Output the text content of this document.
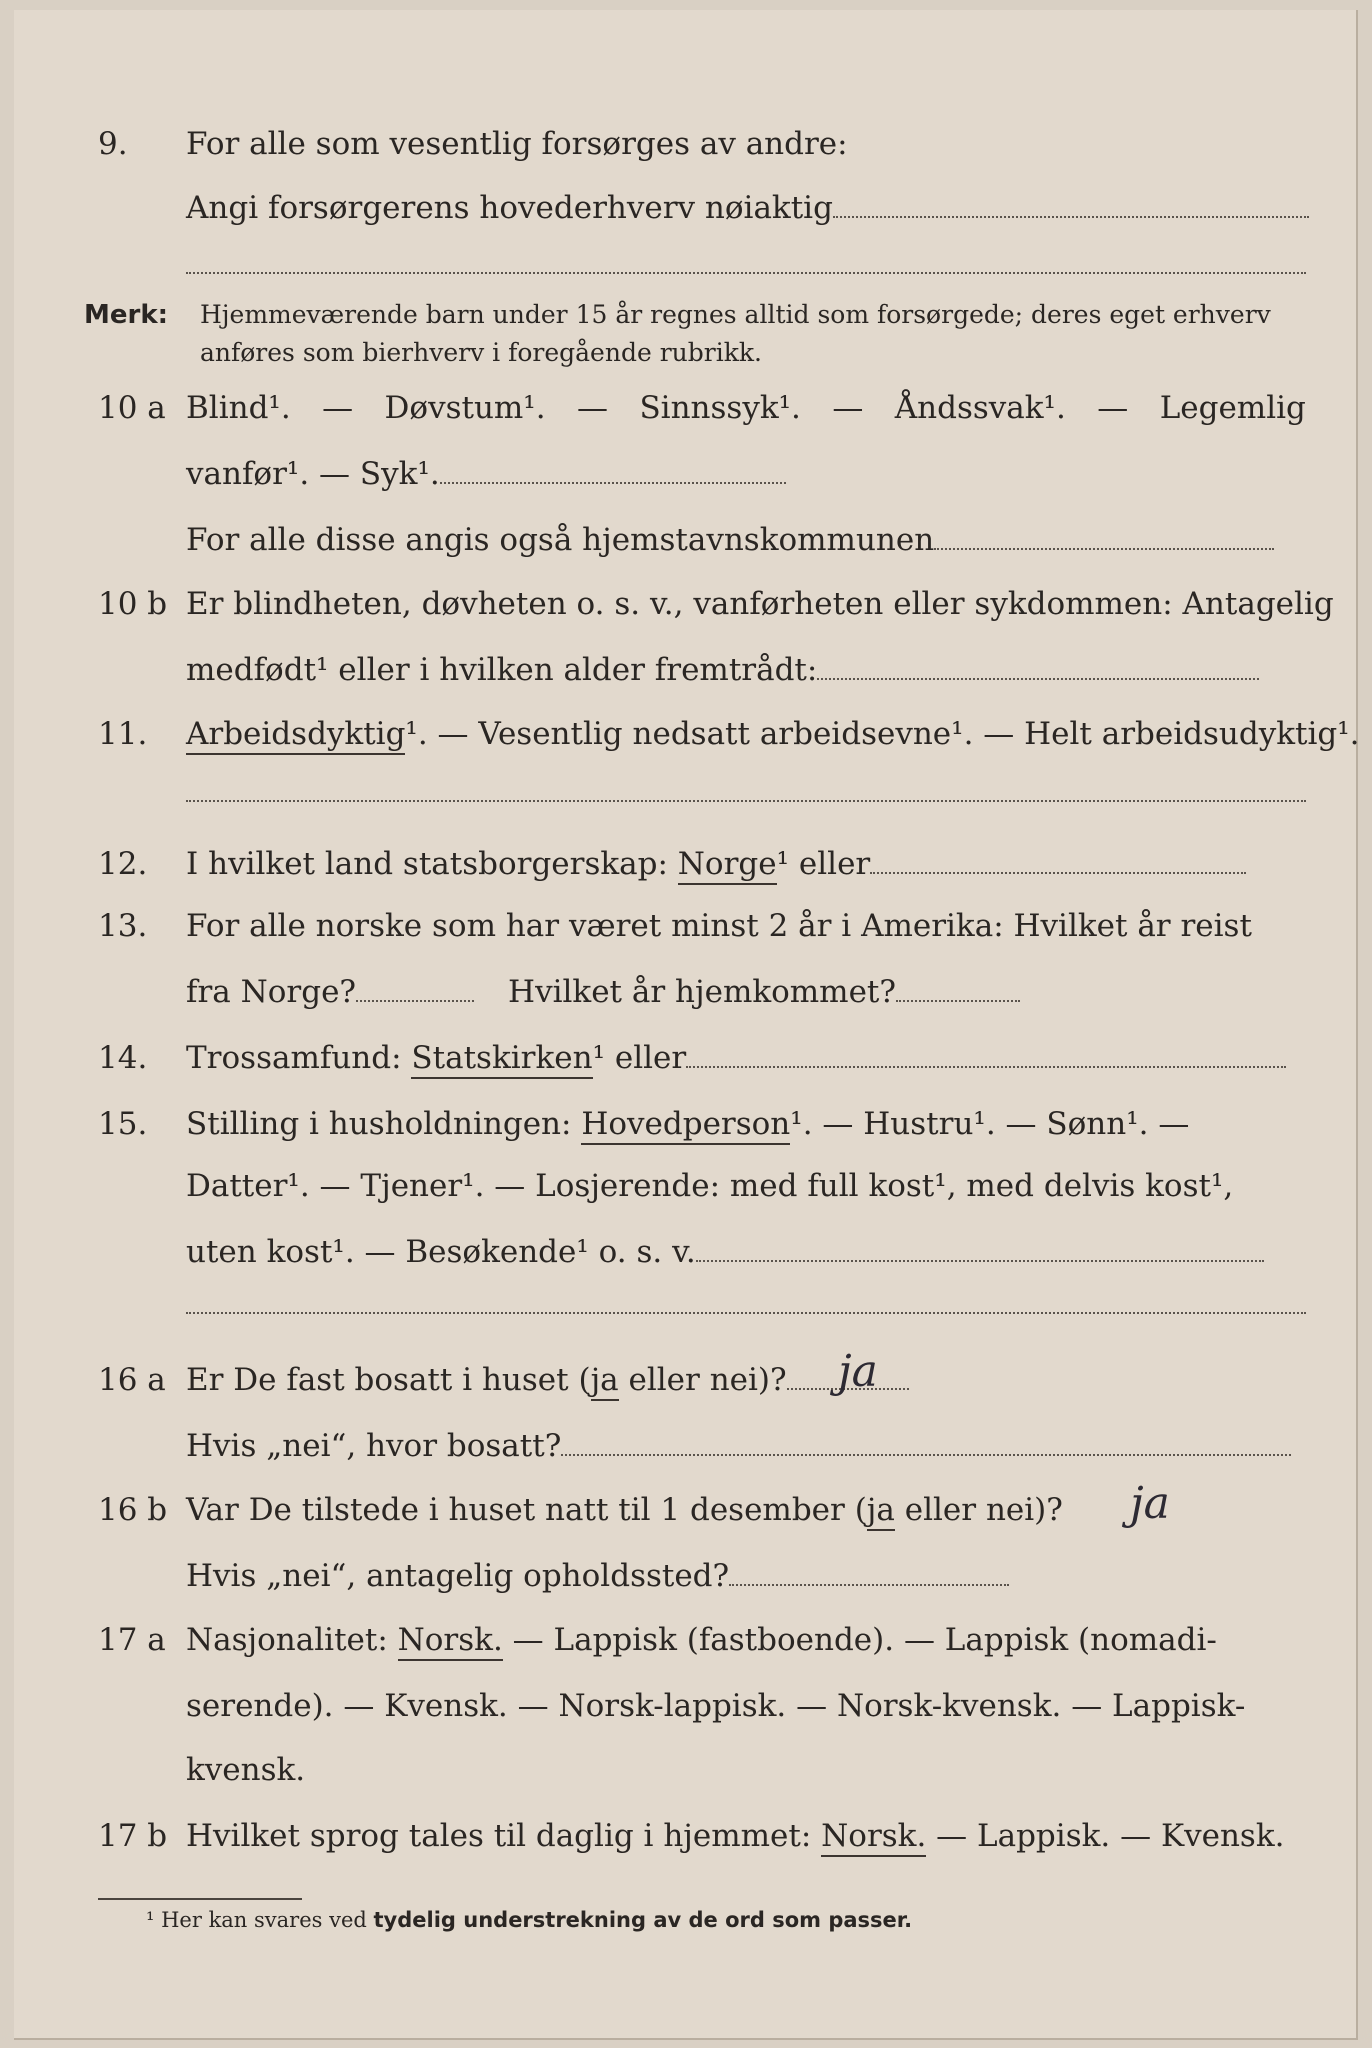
9. For alle som vesentlig forsørges av andre:
Angi forsørgerens hovederhverv nøiaktig
Merk: Hjemmeværende barn under 15 år regnes alltid som forsørgede; deres eget erhverv
anføres som bierhverv i foregående rubrikk.
10 a Blind¹. — Døvstum¹. — Sinnssyk¹. — Åndssvak¹. — Legemlig
vanfør¹. — Syk¹.
For alle disse angis også hjemstavnskommunen
10 b Er blindheten, døvheten o. s. v., vanførheten eller sykdommen: Antagelig
medfødt¹ eller i hvilken alder fremtrådt:
11. Arbeidsdyktig¹. — Vesentlig nedsatt arbeidsevne¹. — Helt arbeidsudyktig¹.
12. I hvilket land statsborgerskap: Norge¹ eller
13. For alle norske som har været minst 2 år i Amerika: Hvilket år reist
fra Norge?	Hvilket år hjemkommet?
14. Trossamfund: Statskirken¹ eller
15. Stilling i husholdningen: Hovedperson¹. — Hustru¹. — Sønn¹. —
Datter¹. — Tjener¹. — Losjerende: med full kost¹, med delvis kost¹,
uten kost¹. — Besøkende¹ o. s. v.
16 a Er De fast bosatt i huset (ja eller nei)?
Hvis „nei“, hvor bosatt?
ja
16 b Var De tilstede i huset natt til 1 desember (ja eller nei)?
Hvis „nei“, antagelig opholdssted?
ja
17 a Nasjonalitet: Norsk. — Lappisk (fastboende). — Lappisk (nomadi-
serende). — Kvensk. — Norsk-lappisk. — Norsk-kvensk. — Lappisk-
kvensk.
17 b Hvilket sprog tales til daglig i hjemmet: Norsk. — Lappisk. — Kvensk.
¹ Her kan svares ved tydelig understrekning av de ord som passer.
